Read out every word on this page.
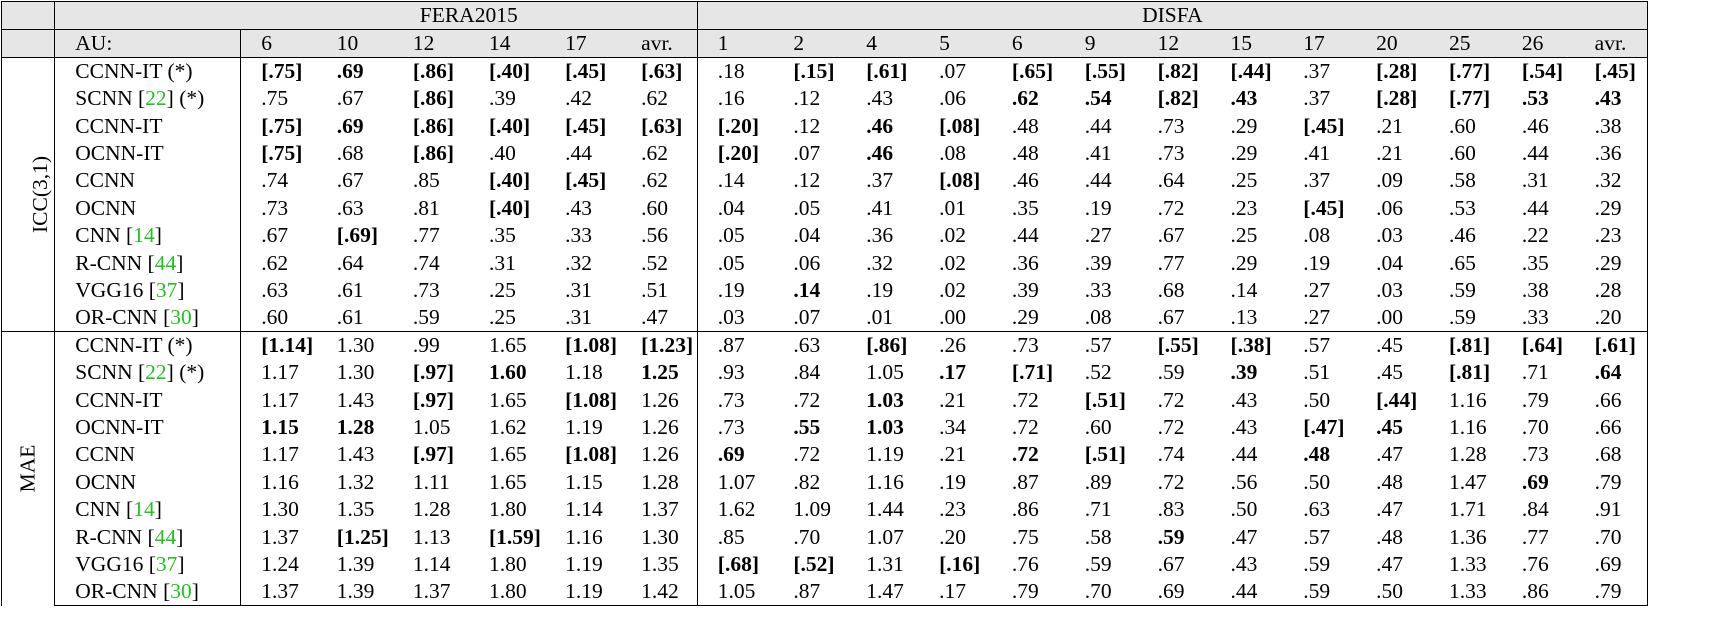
		FERA2015						DISFA												
	AU:	6	10	12	14	17	avr.	1	2	4	5	6	9	12	15	17	20	25	26	avr.
ICC(3,1)	CCNN-IT (*)	[.75]	.69	[.86]	[.40]	[.45]	[.63]	.18	[.15]	[.61]	.07	[.65]	[.55]	[.82]	[.44]	.37	[.28]	[.77]	[.54]	[.45]
	SCNN [22] (*)	.75	.67	[.86]	.39	.42	.62	.16	.12	.43	.06	.62	.54	[.82]	.43	.37	[.28]	[.77]	.53	.43
	CCNN-IT	[.75]	.69	[.86]	[.40]	[.45]	[.63]	[.20]	.12	.46	[.08]	.48	.44	.73	.29	[.45]	.21	.60	.46	.38
	OCNN-IT	[.75]	.68	[.86]	.40	.44	.62	[.20]	.07	.46	.08	.48	.41	.73	.29	.41	.21	.60	.44	.36
	CCNN	.74	.67	.85	[.40]	[.45]	.62	.14	.12	.37	[.08]	.46	.44	.64	.25	.37	.09	.58	.31	.32
	OCNN	.73	.63	.81	[.40]	.43	.60	.04	.05	.41	.01	.35	.19	.72	.23	[.45]	.06	.53	.44	.29
	CNN [14]	.67	[.69]	.77	.35	.33	.56	.05	.04	.36	.02	.44	.27	.67	.25	.08	.03	.46	.22	.23
	R-CNN [44]	.62	.64	.74	.31	.32	.52	.05	.06	.32	.02	.36	.39	.77	.29	.19	.04	.65	.35	.29
	VGG16 [37]	.63	.61	.73	.25	.31	.51	.19	.14	.19	.02	.39	.33	.68	.14	.27	.03	.59	.38	.28
	OR-CNN [30]	.60	.61	.59	.25	.31	.47	.03	.07	.01	.00	.29	.08	.67	.13	.27	.00	.59	.33	.20
MAE	CCNN-IT (*)	[1.14]	1.30	.99	1.65	[1.08]	[1.23]	.87	.63	[.86]	.26	.73	.57	[.55]	[.38]	.57	.45	[.81]	[.64]	[.61]
	SCNN [22] (*)	1.17	1.30	[.97]	1.60	1.18	1.25	.93	.84	1.05	.17	[.71]	.52	.59	.39	.51	.45	[.81]	.71	.64
	CCNN-IT	1.17	1.43	[.97]	1.65	[1.08]	1.26	.73	.72	1.03	.21	.72	[.51]	.72	.43	.50	[.44]	1.16	.79	.66
	OCNN-IT	1.15	1.28	1.05	1.62	1.19	1.26	.73	.55	1.03	.34	.72	.60	.72	.43	[.47]	.45	1.16	.70	.66
	CCNN	1.17	1.43	[.97]	1.65	[1.08]	1.26	.69	.72	1.19	.21	.72	[.51]	.74	.44	.48	.47	1.28	.73	.68
	OCNN	1.16	1.32	1.11	1.65	1.15	1.28	1.07	.82	1.16	.19	.87	.89	.72	.56	.50	.48	1.47	.69	.79
	CNN [14]	1.30	1.35	1.28	1.80	1.14	1.37	1.62	1.09	1.44	.23	.86	.71	.83	.50	.63	.47	1.71	.84	.91
	R-CNN [44]	1.37	[1.25]	1.13	[1.59]	1.16	1.30	.85	.70	1.07	.20	.75	.58	.59	.47	.57	.48	1.36	.77	.70
	VGG16 [37]	1.24	1.39	1.14	1.80	1.19	1.35	[.68]	[.52]	1.31	[.16]	.76	.59	.67	.43	.59	.47	1.33	.76	.69
	OR-CNN [30]	1.37	1.39	1.37	1.80	1.19	1.42	1.05	.87	1.47	.17	.79	.70	.69	.44	.59	.50	1.33	.86	.79
